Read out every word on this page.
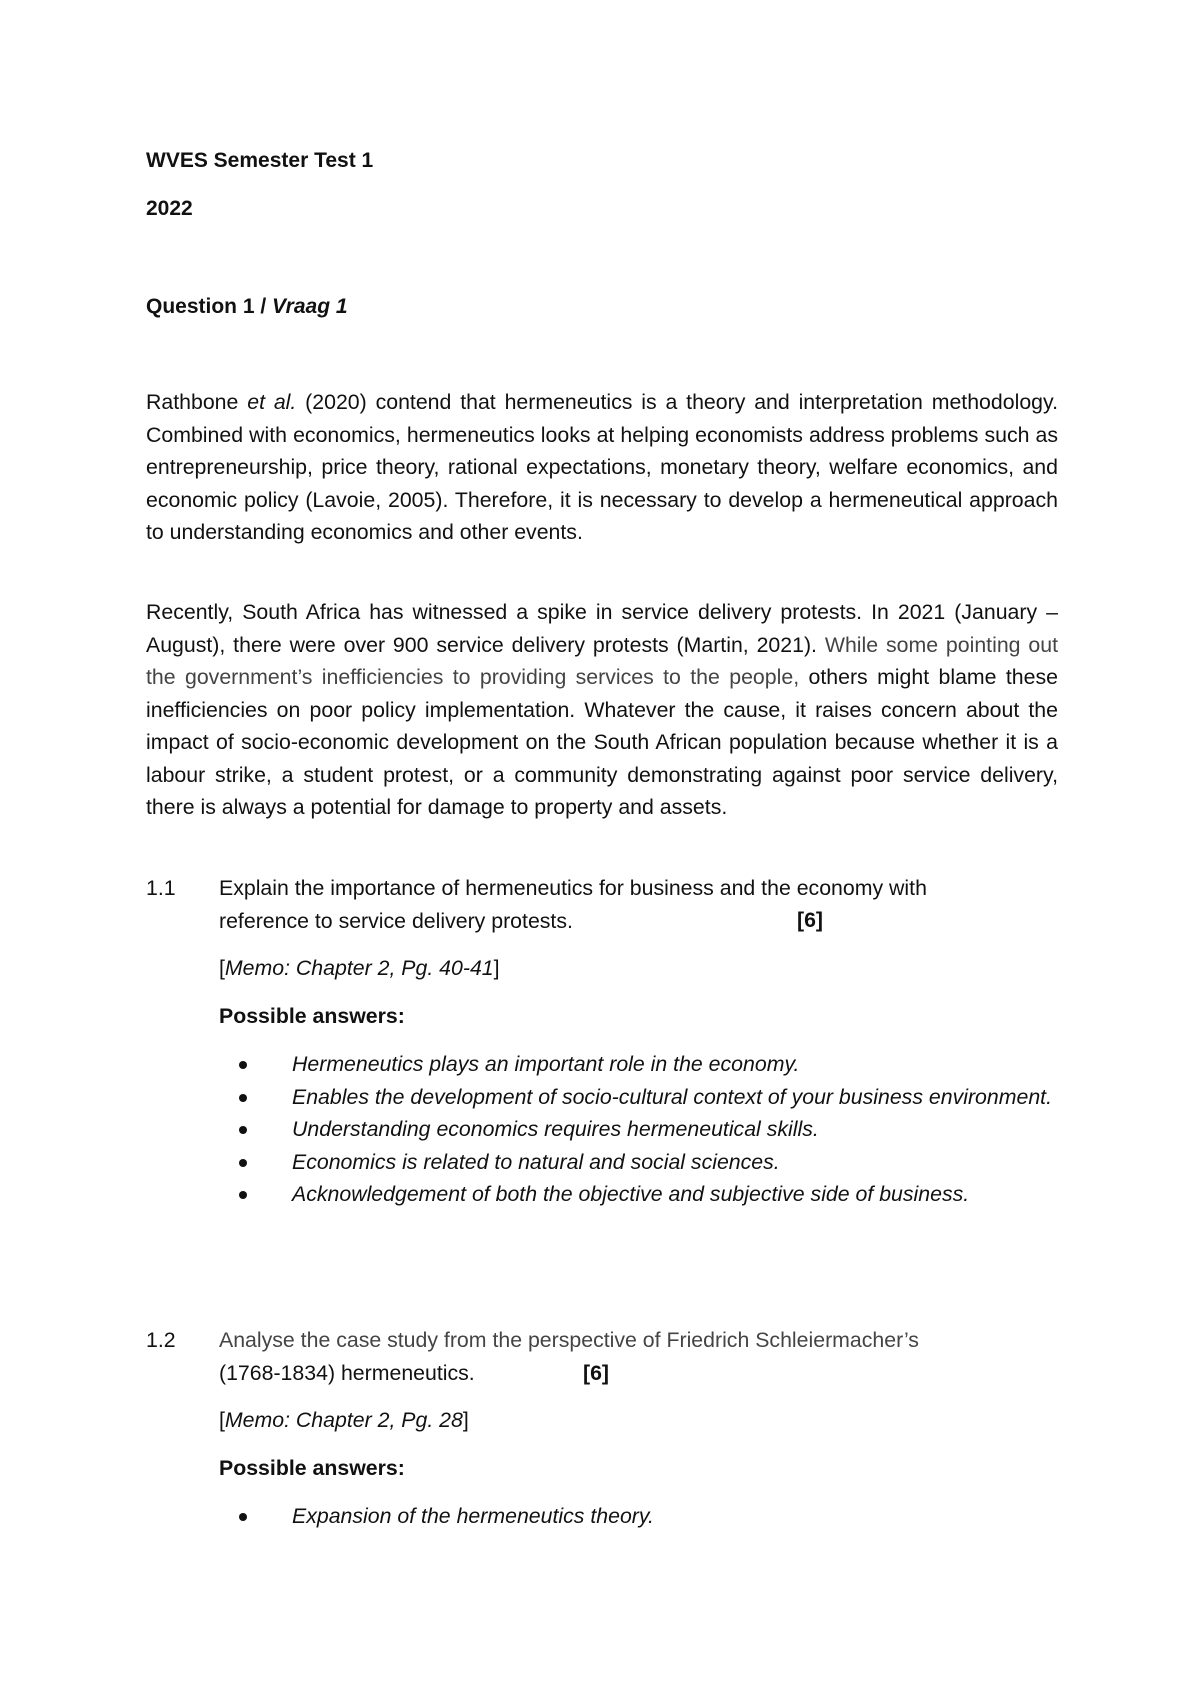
WVES Semester Test 1
2022
Question 1 / Vraag 1

Rathbone et al. (2020) contend that hermeneutics is a theory and interpretation methodology. Combined with economics, hermeneutics looks at helping economists address problems such as entrepreneurship, price theory, rational expectations, monetary theory, welfare economics, and economic policy (Lavoie, 2005). Therefore, it is necessary to develop a hermeneutical approach to understanding economics and other events.

Recently, South Africa has witnessed a spike in service delivery protests. In 2021 (January – August), there were over 900 service delivery protests (Martin, 2021). While some pointing out the government’s inefficiencies to providing services to the people, others might blame these inefficiencies on poor policy implementation. Whatever the cause, it raises concern about the impact of socio-economic development on the South African population because whether it is a labour strike, a student protest, or a community demonstrating against poor service delivery, there is always a potential for damage to property and assets.

1.1 Explain the importance of hermeneutics for business and the economy with
reference to service delivery protests.	[6]
[Memo: Chapter 2, Pg. 40-41]
Possible answers:
Hermeneutics plays an important role in the economy.
Enables the development of socio-cultural context of your business environment.
Understanding economics requires hermeneutical skills.
Economics is related to natural and social sciences.
Acknowledgement of both the objective and subjective side of business.
1.2 Analyse the case study from the perspective of Friedrich Schleiermacher’s
(1768-1834) hermeneutics.	[6]
[Memo: Chapter 2, Pg. 28]
Possible answers:
Expansion of the hermeneutics theory.
